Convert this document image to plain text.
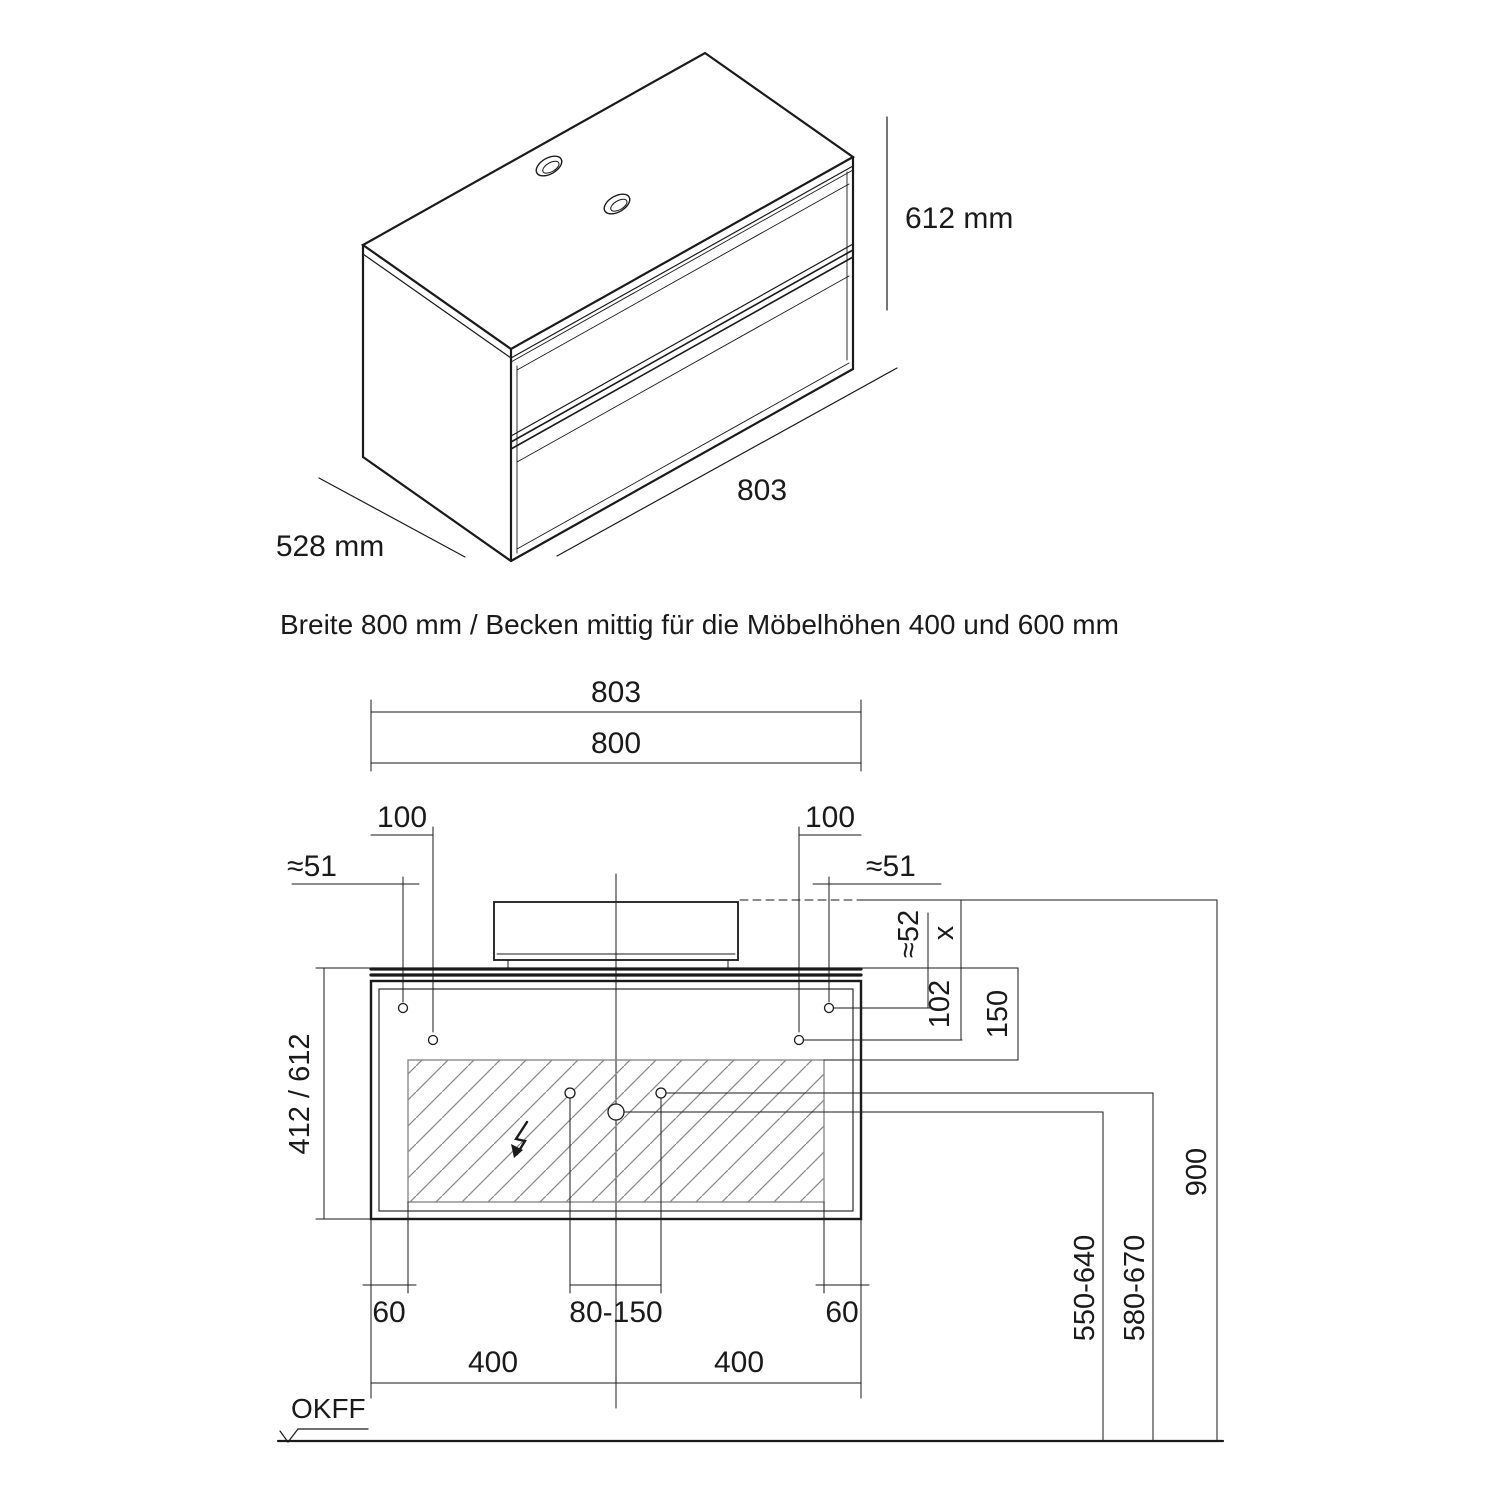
612 mm
803
528 mm
Breite 800 mm / Becken mittig für die Möbelhöhen 400 und 600 mm
803
800
100	100
≈51	≈51
≈52 x
102 150
412 / 612
60	80-150	60
400	400
550-640 580-670
900
OKFF
